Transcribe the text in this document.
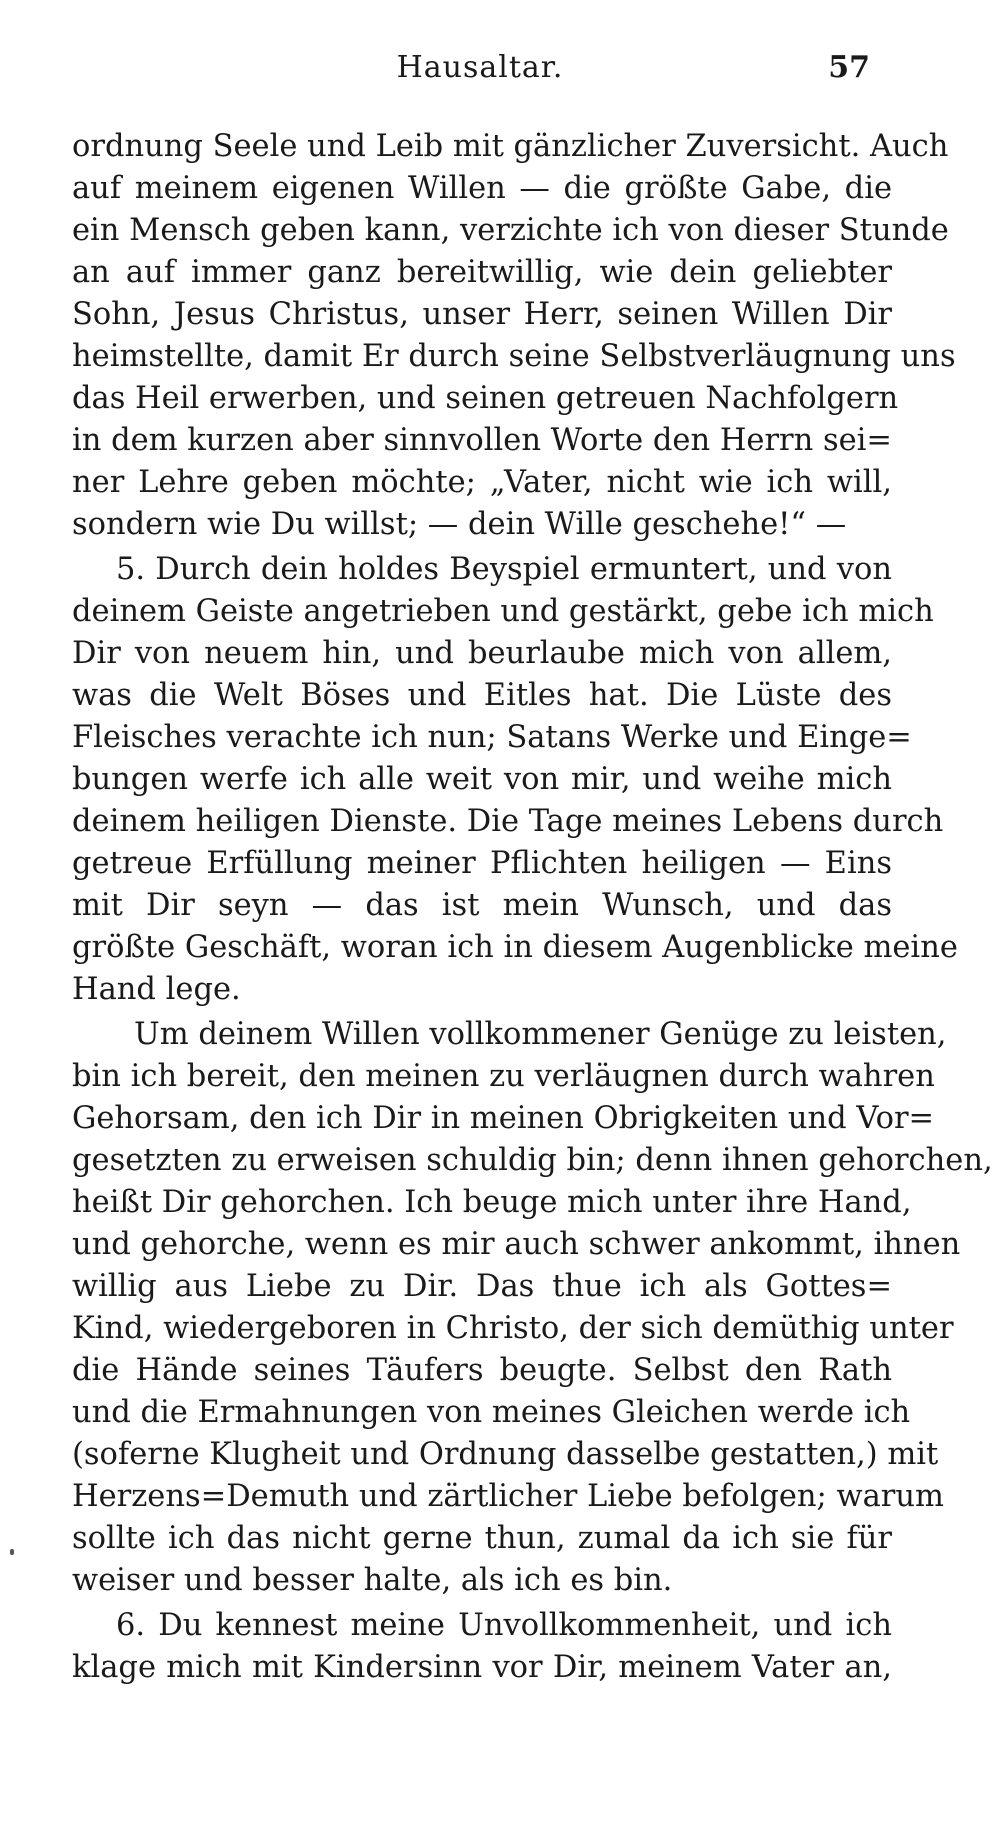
Hausaltar.	57
ordnung Seele und Leib mit gänzlicher Zuversicht. Auch
auf meinem eigenen Willen — die größte Gabe, die
ein Mensch geben kann, verzichte ich von dieser Stunde
an auf immer ganz bereitwillig, wie dein geliebter
Sohn, Jesus Christus, unser Herr, seinen Willen Dir
heimstellte, damit Er durch seine Selbstverläugnung uns
das Heil erwerben, und seinen getreuen Nachfolgern
in dem kurzen aber sinnvollen Worte den Herrn sei=
ner Lehre geben möchte; „Vater, nicht wie ich will,
sondern wie Du willst; — dein Wille geschehe!“ —
5. Durch dein holdes Beyspiel ermuntert, und von
deinem Geiste angetrieben und gestärkt, gebe ich mich
Dir von neuem hin, und beurlaube mich von allem,
was die Welt Böses und Eitles hat. Die Lüste des
Fleisches verachte ich nun; Satans Werke und Einge=
bungen werfe ich alle weit von mir, und weihe mich
deinem heiligen Dienste. Die Tage meines Lebens durch
getreue Erfüllung meiner Pflichten heiligen — Eins
mit Dir seyn — das ist mein Wunsch, und das
größte Geschäft, woran ich in diesem Augenblicke meine
Hand lege.
Um deinem Willen vollkommener Genüge zu leisten,
bin ich bereit, den meinen zu verläugnen durch wahren
Gehorsam, den ich Dir in meinen Obrigkeiten und Vor=
gesetzten zu erweisen schuldig bin; denn ihnen gehorchen,
heißt Dir gehorchen. Ich beuge mich unter ihre Hand,
und gehorche, wenn es mir auch schwer ankommt, ihnen
willig aus Liebe zu Dir. Das thue ich als Gottes=
Kind, wiedergeboren in Christo, der sich demüthig unter
die Hände seines Täufers beugte. Selbst den Rath
und die Ermahnungen von meines Gleichen werde ich
(soferne Klugheit und Ordnung dasselbe gestatten,) mit
Herzens=Demuth und zärtlicher Liebe befolgen; warum
sollte ich das nicht gerne thun, zumal da ich sie für
weiser und besser halte, als ich es bin.
6. Du kennest meine Unvollkommenheit, und ich
klage mich mit Kindersinn vor Dir, meinem Vater an,
